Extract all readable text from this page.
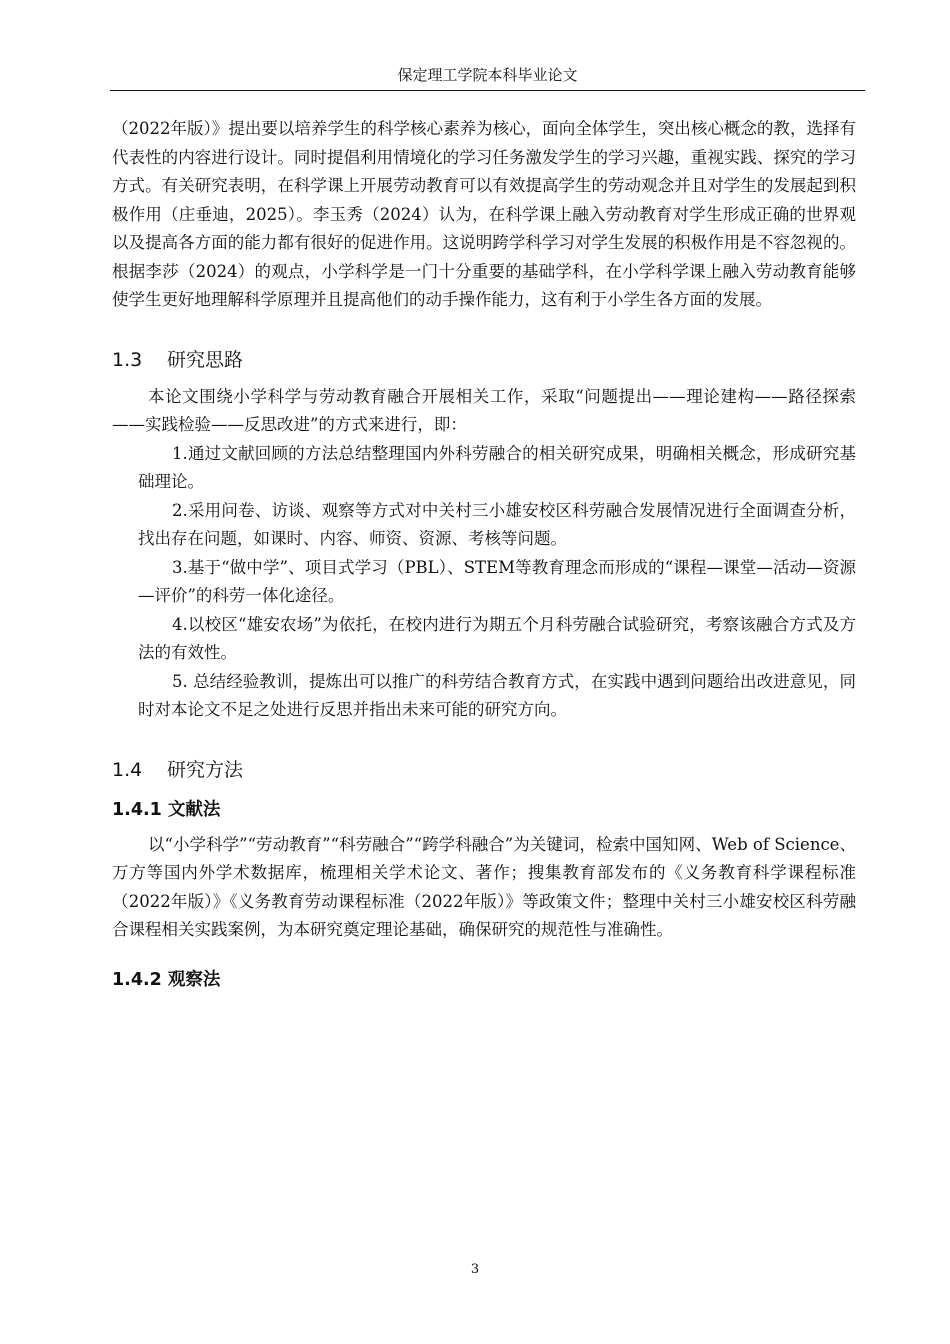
保定理工学院本科毕业论文

（2022年版）》提出要以培养学生的科学核心素养为核心，面向全体学生，突出核心概念的教，选择有代表性的内容进行设计。同时提倡利用情境化的学习任务激发学生的学习兴趣，重视实践、探究的学习方式。有关研究表明，在科学课上开展劳动教育可以有效提高学生的劳动观念并且对学生的发展起到积极作用（庄垂迪，2025）。李玉秀（2024）认为，在科学课上融入劳动教育对学生形成正确的世界观以及提高各方面的能力都有很好的促进作用。这说明跨学科学习对学生发展的积极作用是不容忽视的。根据李莎（2024）的观点，小学科学是一门十分重要的基础学科，在小学科学课上融入劳动教育能够使学生更好地理解科学原理并且提高他们的动手操作能力，这有利于小学生各方面的发展。

1.3 研究思路

本论文围绕小学科学与劳动教育融合开展相关工作，采取“问题提出——理论建构——路径探索——实践检验——反思改进”的方式来进行，即：

1.通过文献回顾的方法总结整理国内外科劳融合的相关研究成果，明确相关概念，形成研究基础理论。

2.采用问卷、访谈、观察等方式对中关村三小雄安校区科劳融合发展情况进行全面调查分析，找出存在问题，如课时、内容、师资、资源、考核等问题。

3.基于“做中学”、项目式学习（PBL）、STEM等教育理念而形成的“课程—课堂—活动—资源—评价”的科劳一体化途径。

4.以校区“雄安农场”为依托，在校内进行为期五个月科劳融合试验研究，考察该融合方式及方法的有效性。

5. 总结经验教训，提炼出可以推广的科劳结合教育方式，在实践中遇到问题给出改进意见，同时对本论文不足之处进行反思并指出未来可能的研究方向。

1.4 研究方法
1.4.1 文献法

以“小学科学”“劳动教育”“科劳融合”“跨学科融合”为关键词，检索中国知网、Web of Science、万方等国内外学术数据库，梳理相关学术论文、著作；搜集教育部发布的《义务教育科学课程标准（2022年版）》《义务教育劳动课程标准（2022年版）》等政策文件；整理中关村三小雄安校区科劳融合课程相关实践案例，为本研究奠定理论基础，确保研究的规范性与准确性。

1.4.2 观察法
3
